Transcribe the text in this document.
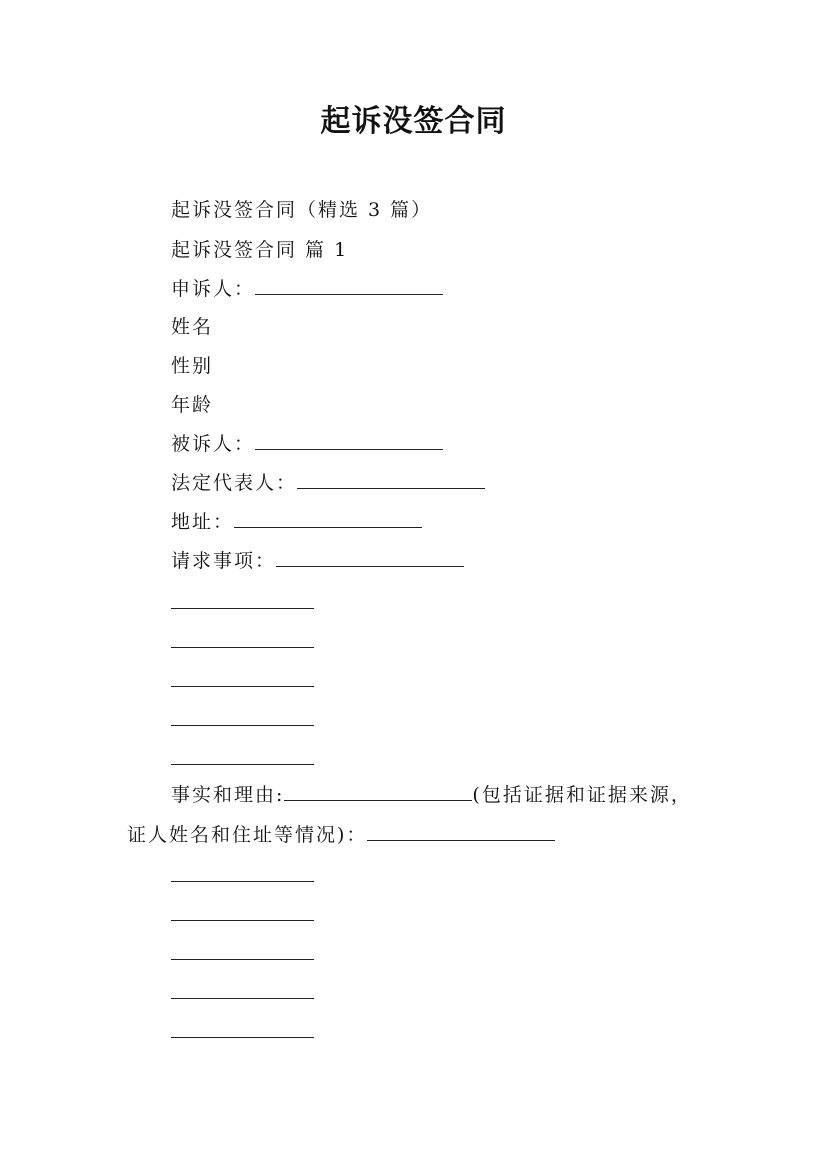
起诉没签合同
起诉没签合同（精选 3 篇）
起诉没签合同 篇 1
申诉人：
姓名
性别
年龄
被诉人：
法定代表人：
地址：
请求事项：
事实和理由:	(包括证据和证据来源，
证人姓名和住址等情况)：
